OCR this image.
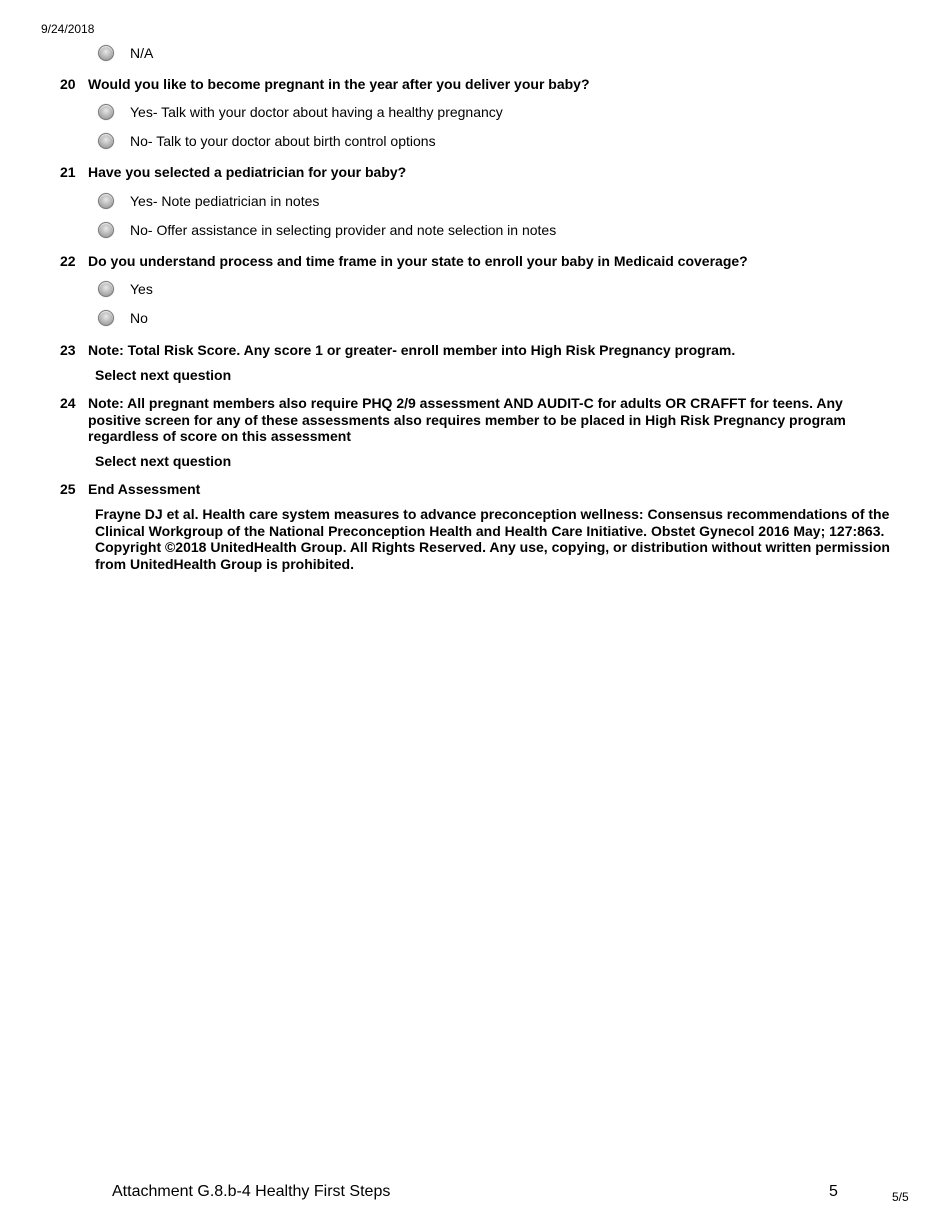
9/24/2018
N/A
20 Would you like to become pregnant in the year after you deliver your baby?
Yes- Talk with your doctor about having a healthy pregnancy
No- Talk to your doctor about birth control options
21 Have you selected a pediatrician for your baby?
Yes- Note pediatrician in notes
No- Offer assistance in selecting provider and note selection in notes
22 Do you understand process and time frame in your state to enroll your baby in Medicaid coverage?
Yes
No
23 Note: Total Risk Score. Any score 1 or greater- enroll member into High Risk Pregnancy program.
Select next question
24 Note: All pregnant members also require PHQ 2/9 assessment AND AUDIT-C for adults OR CRAFFT for teens. Any positive screen for any of these assessments also requires member to be placed in High Risk Pregnancy program regardless of score on this assessment
Select next question
25 End Assessment
Frayne DJ et al. Health care system measures to advance preconception wellness: Consensus recommendations of the Clinical Workgroup of the National Preconception Health and Health Care Initiative. Obstet Gynecol 2016 May; 127:863. Copyright ©2018 UnitedHealth Group. All Rights Reserved. Any use, copying, or distribution without written permission from UnitedHealth Group is prohibited.
Attachment G.8.b-4 Healthy First Steps	5	5/5
